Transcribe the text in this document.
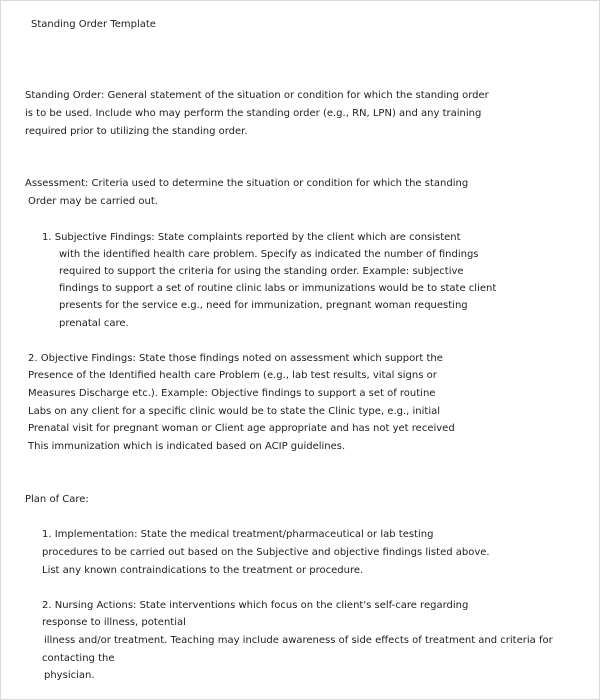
Standing Order Template
Standing Order: General statement of the situation or condition for which the standing order
is to be used. Include who may perform the standing order (e.g., RN, LPN) and any training
required prior to utilizing the standing order.
Assessment: Criteria used to determine the situation or condition for which the standing
Order may be carried out.
1. Subjective Findings: State complaints reported by the client which are consistent
with the identified health care problem. Specify as indicated the number of findings
required to support the criteria for using the standing order. Example: subjective
findings to support a set of routine clinic labs or immunizations would be to state client
presents for the service e.g., need for immunization, pregnant woman requesting
prenatal care.
2. Objective Findings: State those findings noted on assessment which support the
Presence of the Identified health care Problem (e.g., lab test results, vital signs or
Measures Discharge etc.). Example: Objective findings to support a set of routine
Labs on any client for a specific clinic would be to state the Clinic type, e.g., initial
Prenatal visit for pregnant woman or Client age appropriate and has not yet received
This immunization which is indicated based on ACIP guidelines.
Plan of Care:
1. Implementation: State the medical treatment/pharmaceutical or lab testing
procedures to be carried out based on the Subjective and objective findings listed above.
List any known contraindications to the treatment or procedure.
2. Nursing Actions: State interventions which focus on the client's self-care regarding
response to illness, potential
illness and/or treatment. Teaching may include awareness of side effects of treatment and criteria for
contacting the
physician.
